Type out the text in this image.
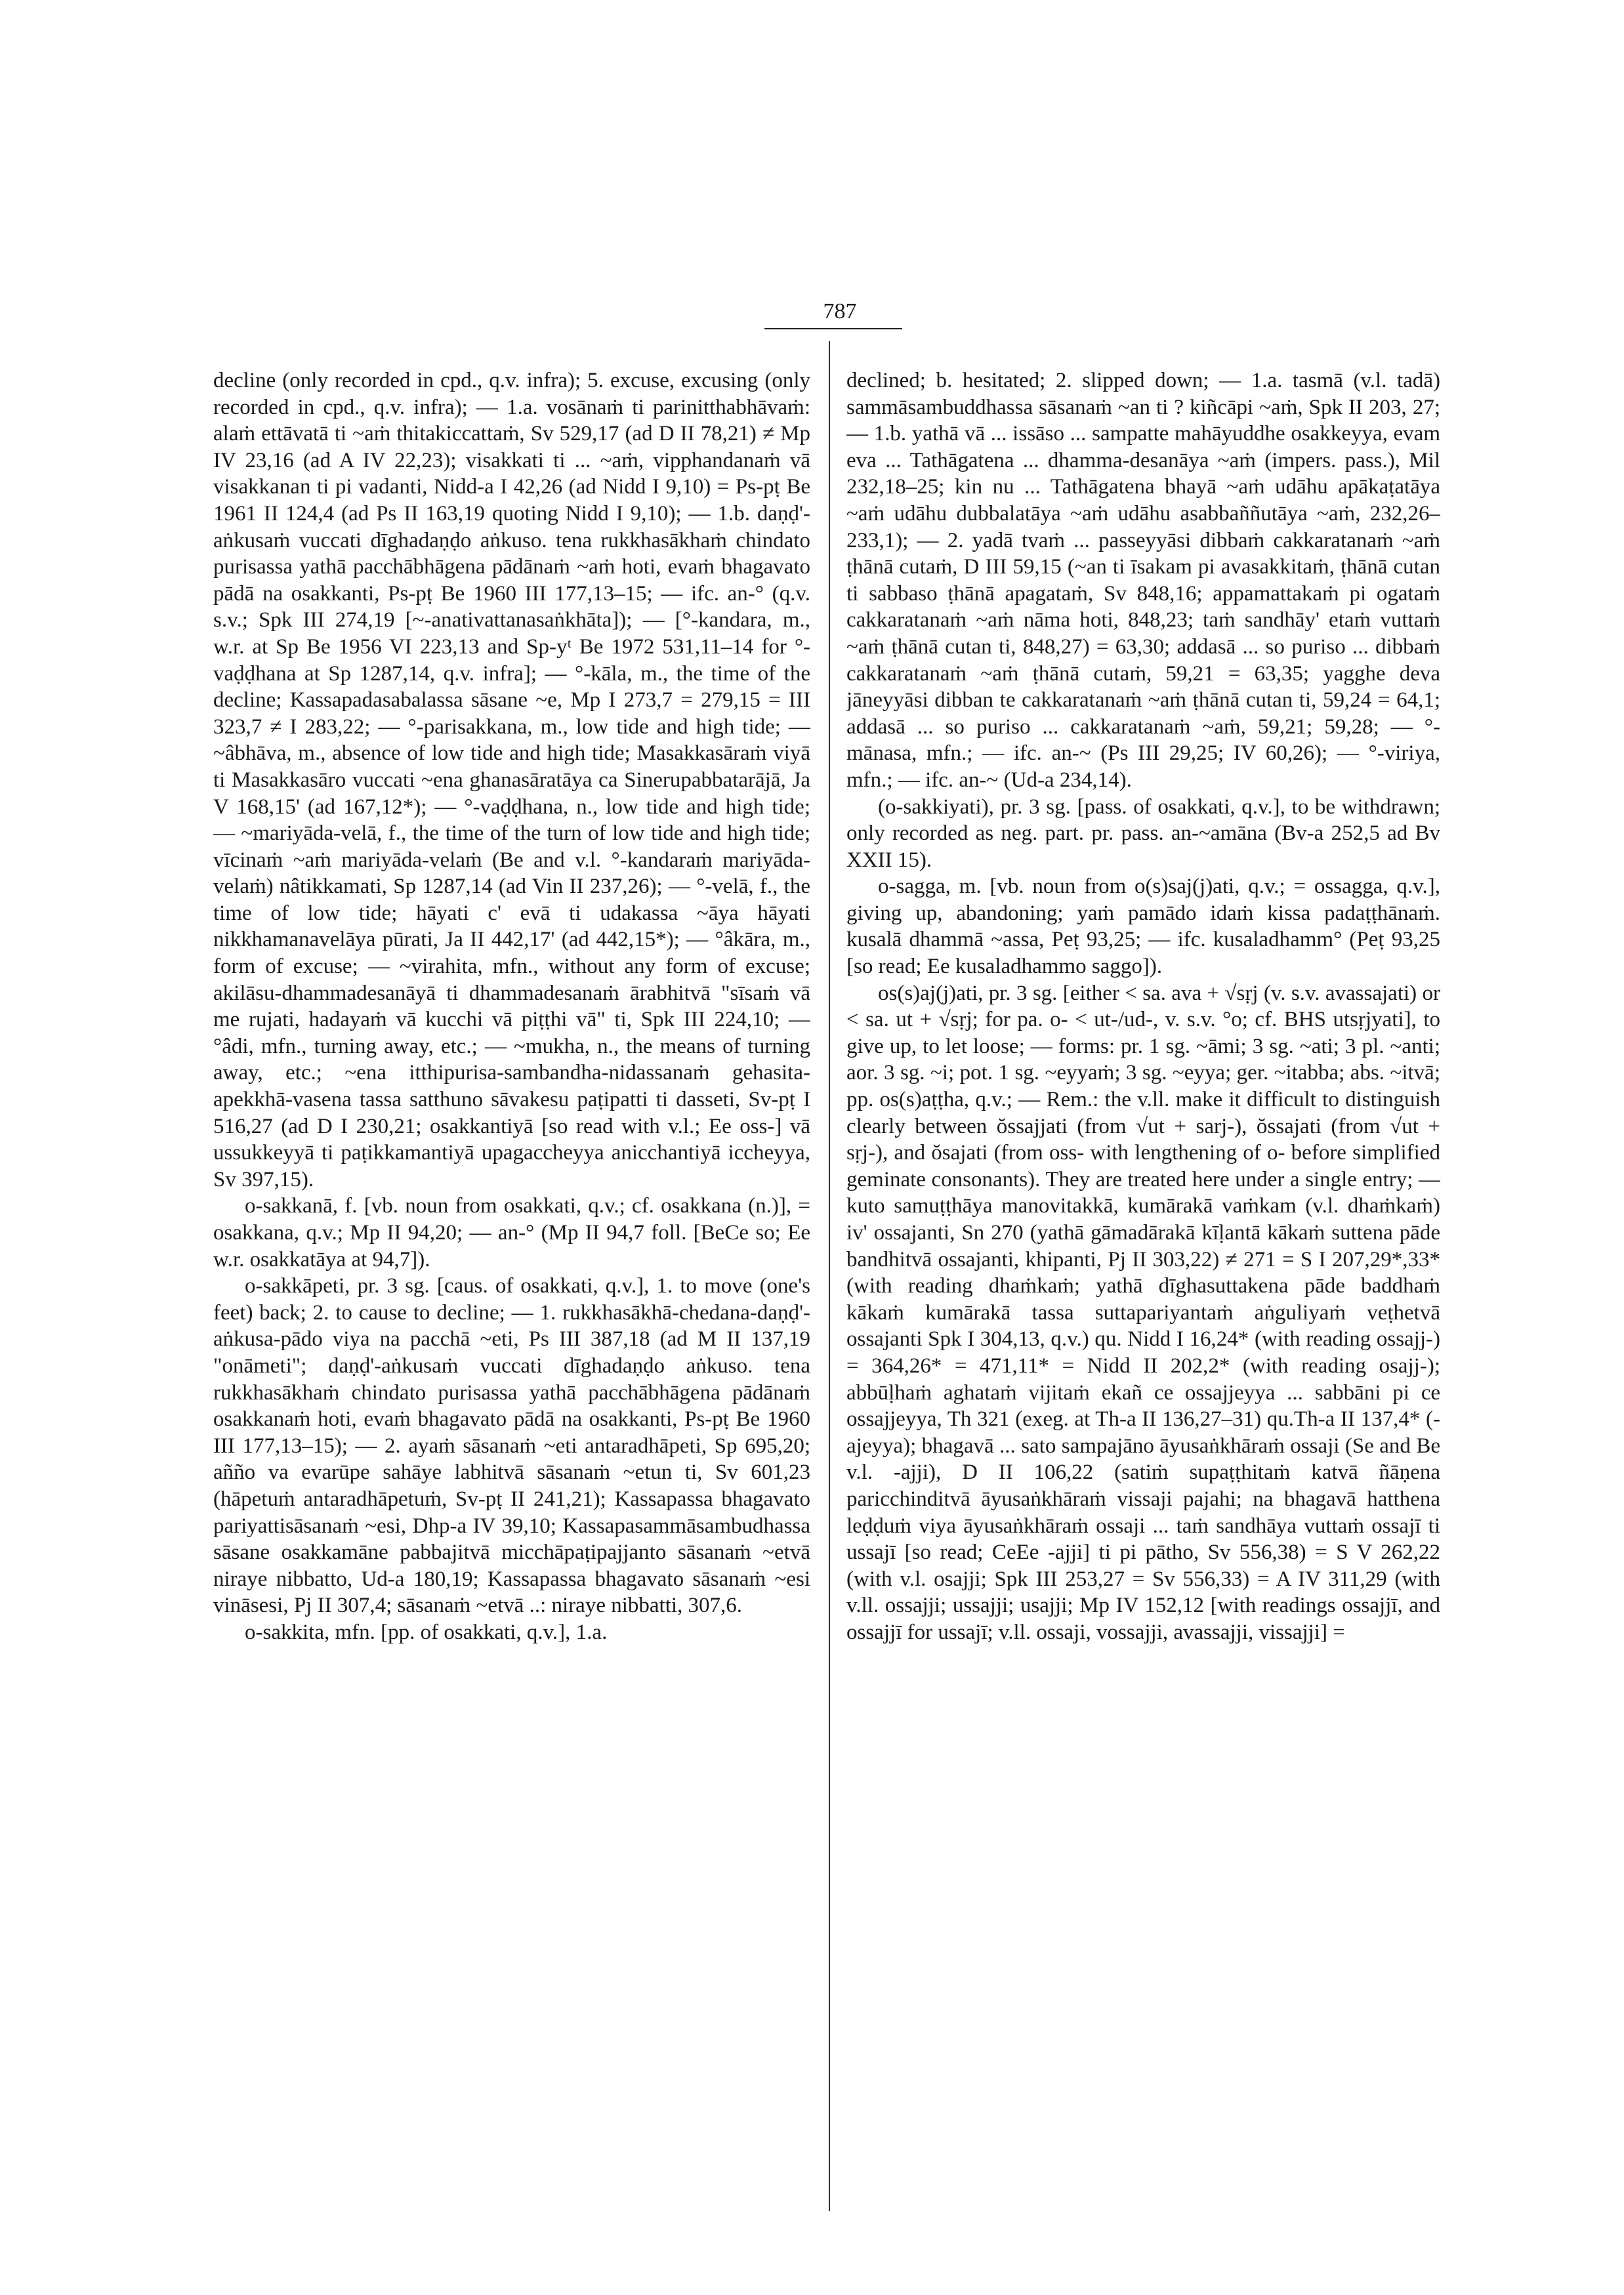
787

decline (only recorded in cpd., q.v. infra); 5. excuse, excusing (only recorded in cpd., q.v. infra); — 1.a. vosānaṁ ti parinitthabhāvaṁ: alaṁ ettāvatā ti ~aṁ thitakiccattaṁ, Sv 529,17 (ad D II 78,21) ≠ Mp IV 23,16 (ad A IV 22,23); visakkati ti ... ~aṁ, vipphandanaṁ vā visakkanan ti pi vadanti, Nidd-a I 42,26 (ad Nidd I 9,10) = Ps-pṭ Be 1961 II 124,4 (ad Ps II 163,19 quoting Nidd I 9,10); — 1.b. daṇḍ'-aṅkusaṁ vuccati dīghadaṇḍo aṅkuso. tena rukkhasākhaṁ chindato purisassa yathā pacchābhāgena pādānaṁ ~aṁ hoti, evaṁ bhagavato pādā na osakkanti, Ps-pṭ Be 1960 III 177,13–15; — ifc. an-° (q.v. s.v.; Spk III 274,19 [~-anativattanasaṅkhāta]); — [°-kandara, m., w.r. at Sp Be 1956 VI 223,13 and Sp-yᵗ Be 1972 531,11–14 for °-vaḍḍhana at Sp 1287,14, q.v. infra]; — °-kāla, m., the time of the decline; Kassapadasabalassa sāsane ~e, Mp I 273,7 = 279,15 = III 323,7 ≠ I 283,22; — °-parisakkana, m., low tide and high tide; — ~âbhāva, m., absence of low tide and high tide; Masakkasāraṁ viyā ti Masakkasāro vuccati ~ena ghanasāratāya ca Sinerupabbatarājā, Ja V 168,15' (ad 167,12*); — °-vaḍḍhana, n., low tide and high tide; — ~mariyāda-velā, f., the time of the turn of low tide and high tide; vīcinaṁ ~aṁ mariyāda-velaṁ (Be and v.l. °-kandaraṁ mariyāda-velaṁ) nâtikkamati, Sp 1287,14 (ad Vin II 237,26); — °-velā, f., the time of low tide; hāyati c' evā ti udakassa ~āya hāyati nikkhamanavelāya pūrati, Ja II 442,17' (ad 442,15*); — °âkāra, m., form of excuse; — ~virahita, mfn., without any form of excuse; akilāsu-dhammadesanāyā ti dhammadesanaṁ ārabhitvā "sīsaṁ vā me rujati, hadayaṁ vā kucchi vā piṭṭhi vā" ti, Spk III 224,10; — °âdi, mfn., turning away, etc.; — ~mukha, n., the means of turning away, etc.; ~ena itthipurisa-sambandha-nidassanaṁ gehasita-apekkhā-vasena tassa satthuno sāvakesu paṭipatti ti dasseti, Sv-pṭ I 516,27 (ad D I 230,21; osakkantiyā [so read with v.l.; Ee oss-] vā ussukkeyyā ti paṭikkamantiyā upagaccheyya anicchantiyā iccheyya, Sv 397,15).

o-sakkanā, f. [vb. noun from osakkati, q.v.; cf. osakkana (n.)], = osakkana, q.v.; Mp II 94,20; — an-° (Mp II 94,7 foll. [BeCe so; Ee w.r. osakkatāya at 94,7]).

o-sakkāpeti, pr. 3 sg. [caus. of osakkati, q.v.], 1. to move (one's feet) back; 2. to cause to decline; — 1. rukkhasākhā-chedana-daṇḍ'-aṅkusa-pādo viya na pacchā ~eti, Ps III 387,18 (ad M II 137,19 "onāmeti"; daṇḍ'-aṅkusaṁ vuccati dīghadaṇḍo aṅkuso. tena rukkhasākhaṁ chindato purisassa yathā pacchābhāgena pādānaṁ osakkanaṁ hoti, evaṁ bhagavato pādā na osakkanti, Ps-pṭ Be 1960 III 177,13–15); — 2. ayaṁ sāsanaṁ ~eti antaradhāpeti, Sp 695,20; añño va evarūpe sahāye labhitvā sāsanaṁ ~etun ti, Sv 601,23 (hāpetuṁ antaradhāpetuṁ, Sv-pṭ II 241,21); Kassapassa bhagavato pariyattisāsanaṁ ~esi, Dhp-a IV 39,10; Kassapasammāsambudhassa sāsane osakkamāne pabbajitvā micchāpaṭipajjanto sāsanaṁ ~etvā niraye nibbatto, Ud-a 180,19; Kassapassa bhagavato sāsanaṁ ~esi vināsesi, Pj II 307,4; sāsanaṁ ~etvā ..: niraye nibbatti, 307,6.

o-sakkita, mfn. [pp. of osakkati, q.v.], 1.a.

declined; b. hesitated; 2. slipped down; — 1.a. tasmā (v.l. tadā) sammāsambuddhassa sāsanaṁ ~an ti ? kiñcāpi ~aṁ, Spk II 203, 27; — 1.b. yathā vā ... issāso ... sampatte mahāyuddhe osakkeyya, evam eva ... Tathāgatena ... dhamma-desanāya ~aṁ (impers. pass.), Mil 232,18–25; kin nu ... Tathāgatena bhayā ~aṁ udāhu apākaṭatāya ~aṁ udāhu dubbalatāya ~aṁ udāhu asabbaññutāya ~aṁ, 232,26–233,1); — 2. yadā tvaṁ ... passeyyāsi dibbaṁ cakkaratanaṁ ~aṁ ṭhānā cutaṁ, D III 59,15 (~an ti īsakam pi avasakkitaṁ, ṭhānā cutan ti sabbaso ṭhānā apagataṁ, Sv 848,16; appamattakaṁ pi ogataṁ cakkaratanaṁ ~aṁ nāma hoti, 848,23; taṁ sandhāy' etaṁ vuttaṁ ~aṁ ṭhānā cutan ti, 848,27) = 63,30; addasā ... so puriso ... dibbaṁ cakkaratanaṁ ~aṁ ṭhānā cutaṁ, 59,21 = 63,35; yagghe deva jāneyyāsi dibban te cakkaratanaṁ ~aṁ ṭhānā cutan ti, 59,24 = 64,1; addasā ... so puriso ... cakkaratanaṁ ~aṁ, 59,21; 59,28; — °-mānasa, mfn.; — ifc. an-~ (Ps III 29,25; IV 60,26); — °-viriya, mfn.; — ifc. an-~ (Ud-a 234,14).

(o-sakkiyati), pr. 3 sg. [pass. of osakkati, q.v.], to be withdrawn; only recorded as neg. part. pr. pass. an-~amāna (Bv-a 252,5 ad Bv XXII 15).

o-sagga, m. [vb. noun from o(s)saj(j)ati, q.v.; = ossagga, q.v.], giving up, abandoning; yaṁ pamādo idaṁ kissa padaṭṭhānaṁ. kusalā dhammā ~assa, Peṭ 93,25; — ifc. kusaladhamm° (Peṭ 93,25 [so read; Ee kusaladhammo saggo]).

os(s)aj(j)ati, pr. 3 sg. [either < sa. ava + √sṛj (v. s.v. avassajati) or < sa. ut + √sṛj; for pa. o- < ut-/ud-, v. s.v. °o; cf. BHS utsṛjyati], to give up, to let loose; — forms: pr. 1 sg. ~āmi; 3 sg. ~ati; 3 pl. ~anti; aor. 3 sg. ~i; pot. 1 sg. ~eyyaṁ; 3 sg. ~eyya; ger. ~itabba; abs. ~itvā; pp. os(s)aṭṭha, q.v.; — Rem.: the v.ll. make it difficult to distinguish clearly between ŏssajjati (from √ut + sarj-), ŏssajati (from √ut + sṛj-), and ŏsajati (from oss- with lengthening of o- before simplified geminate consonants). They are treated here under a single entry; — kuto samuṭṭhāya manovitakkā, kumārakā vaṁkam (v.l. dhaṁkaṁ) iv' ossajanti, Sn 270 (yathā gāmadārakā kīḷantā kākaṁ suttena pāde bandhitvā ossajanti, khipanti, Pj II 303,22) ≠ 271 = S I 207,29*,33* (with reading dhaṁkaṁ; yathā dīghasuttakena pāde baddhaṁ kākaṁ kumārakā tassa suttapariyantaṁ aṅguliyaṁ veṭhetvā ossajanti Spk I 304,13, q.v.) qu. Nidd I 16,24* (with reading ossajj-) = 364,26* = 471,11* = Nidd II 202,2* (with reading osajj-); abbūḷhaṁ aghataṁ vijitaṁ ekañ ce ossajjeyya ... sabbāni pi ce ossajjeyya, Th 321 (exeg. at Th-a II 136,27–31) qu.Th-a II 137,4* (-ajeyya); bhagavā ... sato sampajāno āyusaṅkhāraṁ ossaji (Se and Be v.l. -ajji), D II 106,22 (satiṁ supaṭṭhitaṁ katvā ñāṇena paricchinditvā āyusaṅkhāraṁ vissaji pajahi; na bhagavā hatthena leḍḍuṁ viya āyusaṅkhāraṁ ossaji ... taṁ sandhāya vuttaṁ ossajī ti ussajī [so read; CeEe -ajji] ti pi pātho, Sv 556,38) = S V 262,22 (with v.l. osajji; Spk III 253,27 = Sv 556,33) = A IV 311,29 (with v.ll. ossajji; ussajji; usajji; Mp IV 152,12 [with readings ossajjī, and ossajjī for ussajī; v.ll. ossaji, vossajji, avassajji, vissajji] =
